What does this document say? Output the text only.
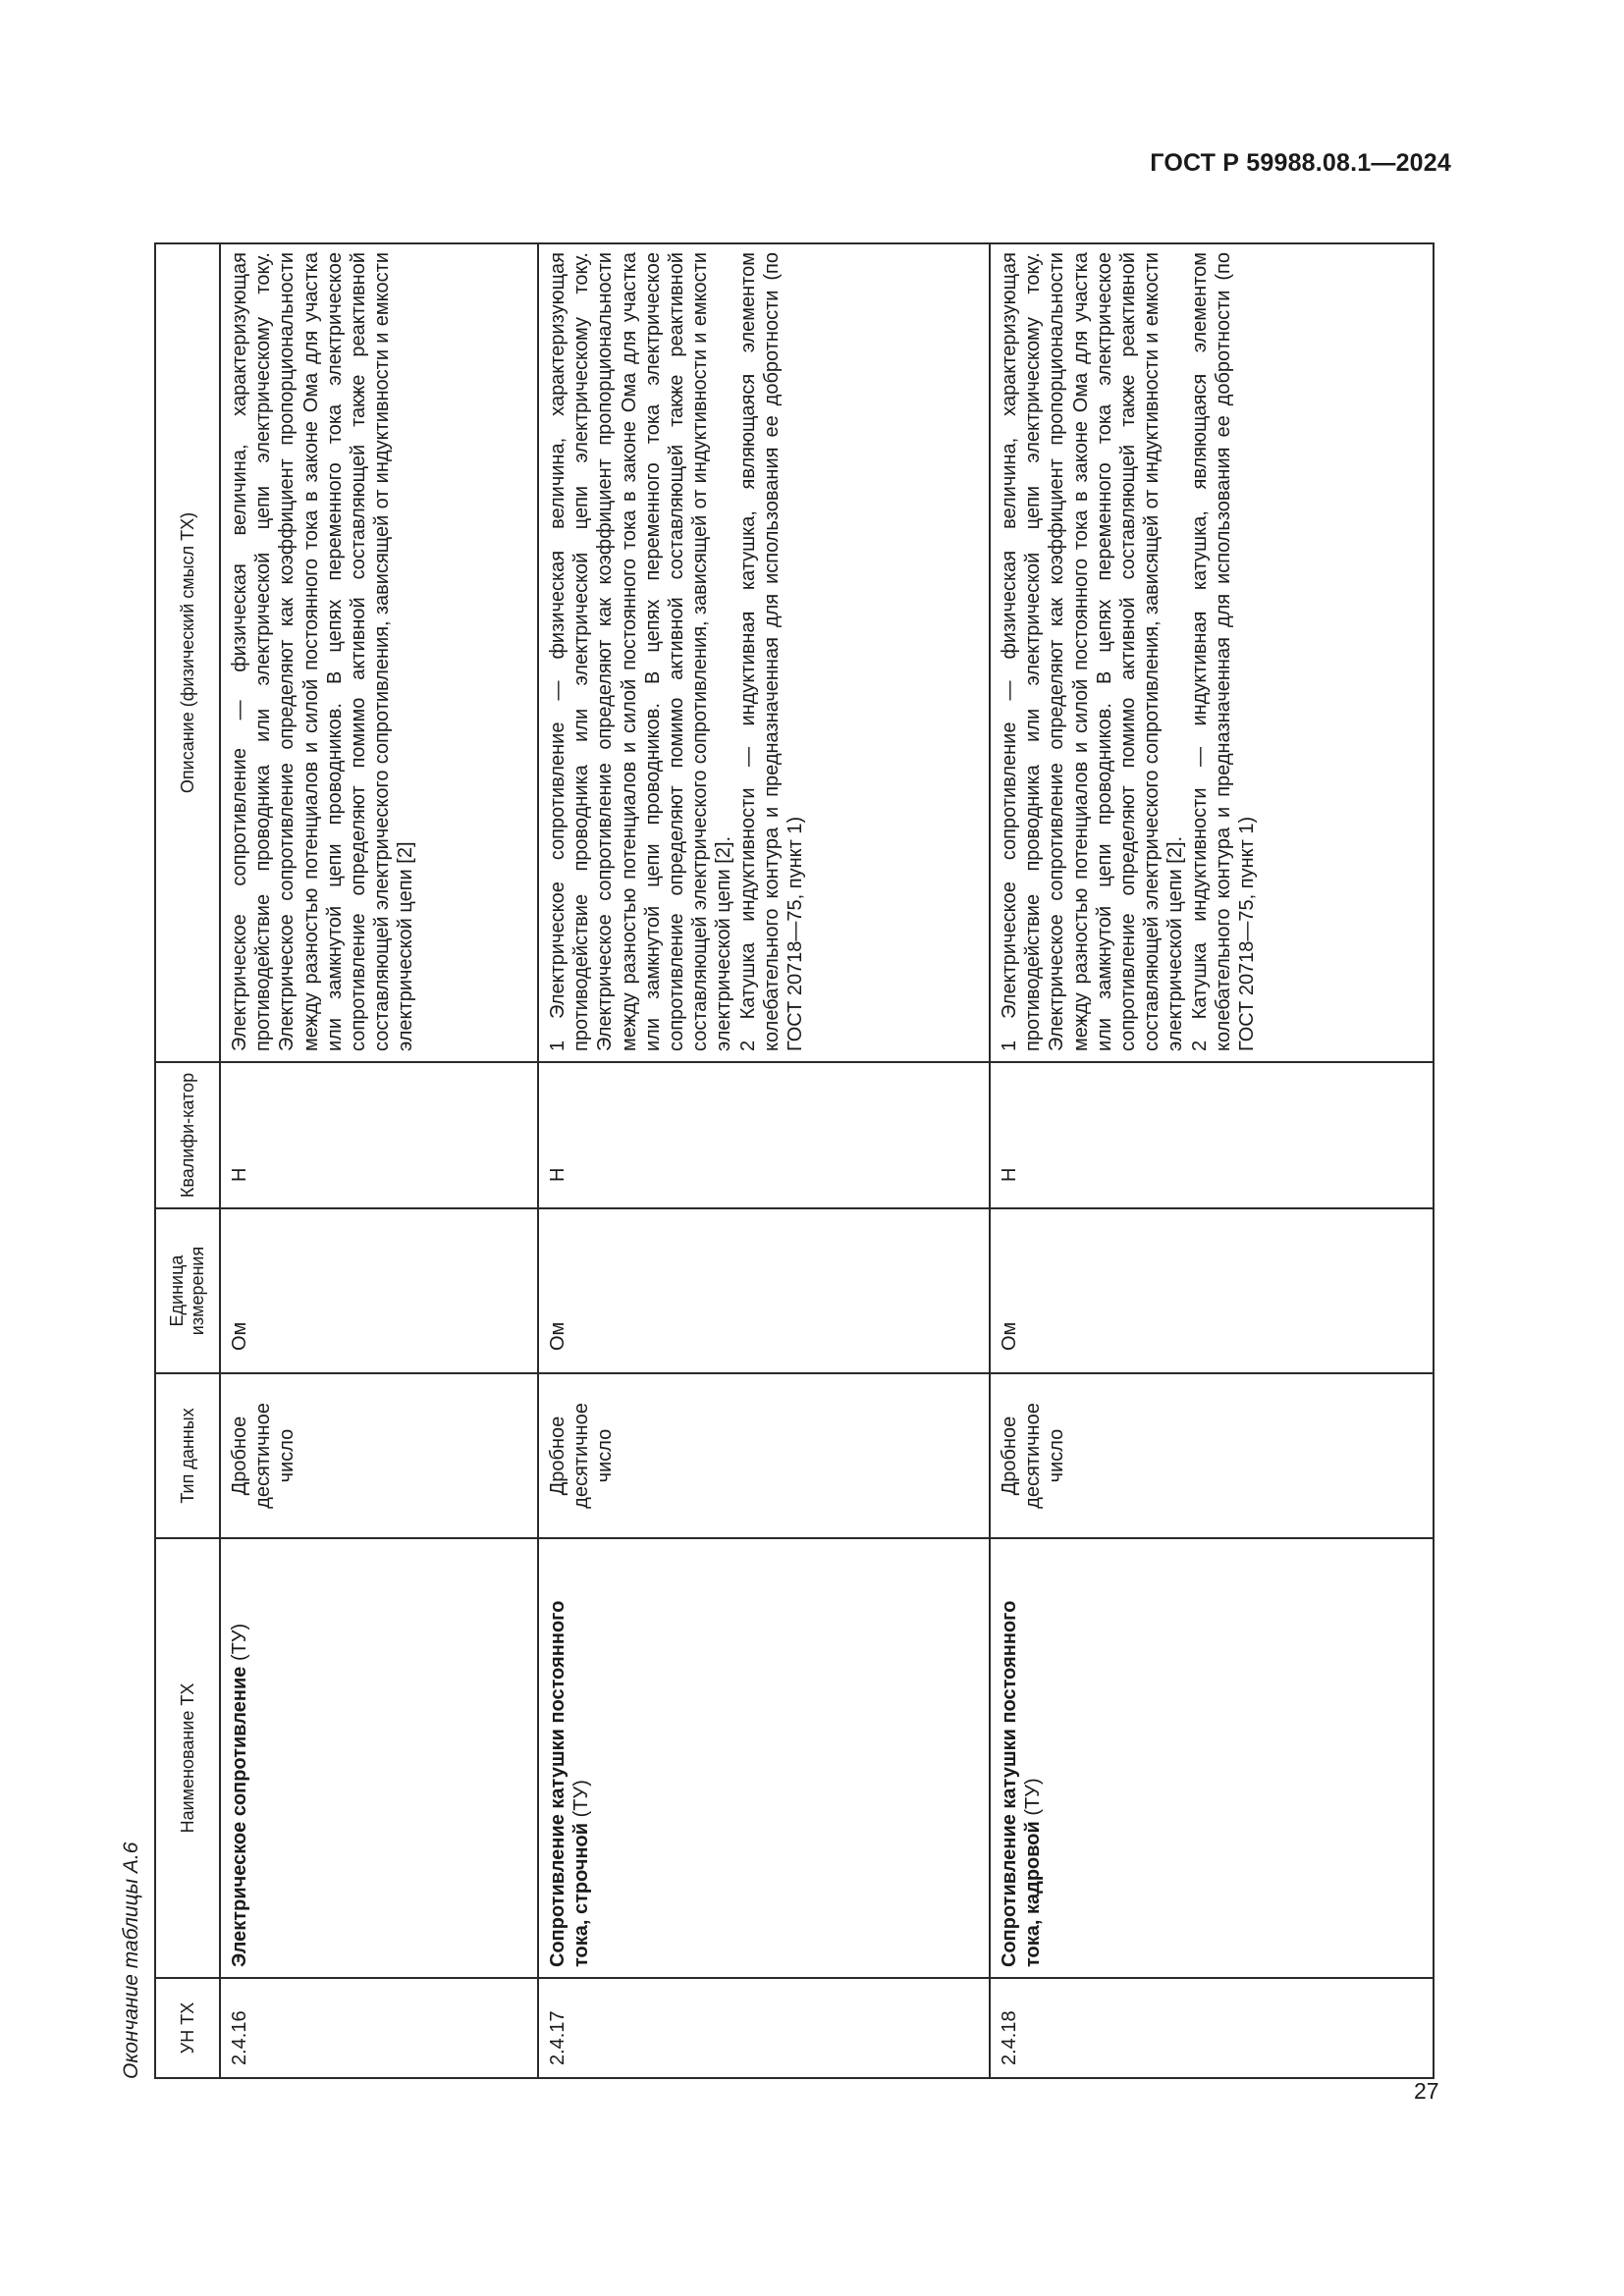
ГОСТ Р 59988.08.1—2024
Окончание таблицы А.6	УН ТХ	Наименование ТХ	Тип данных	Единица измерения	Квалифи-катор	Описание (физический смысл ТХ)
2.4.16	Электрическое сопротивление (ТУ)	Дробное десятичное число	Ом	Н	Электрическое сопротивление — физическая величина, характеризующая противодействие проводника или электрической цепи электрическому току. Электрическое сопротивление определяют как коэффициент пропорциональности между разностью потенциалов и силой постоянного тока в законе Ома для участка или замкнутой цепи проводников. В цепях переменного тока электрическое сопротивление определяют помимо активной составляющей также реактивной составляющей электрического сопротивления, зависящей от индуктивности и емкости электрической цепи [2]

2.4.17	Сопротивление катушки постоянного тока, строчной (ТУ)	Дробное десятичное число	Ом	Н	1 Электрическое сопротивление — физическая величина, характеризующая противодействие проводника или электрической цепи электрическому току. Электрическое сопротивление определяют как коэффициент пропорциональности между разностью потенциалов и силой постоянного тока в законе Ома для участка или замкнутой цепи проводников. В цепях переменного тока электрическое сопротивление определяют помимо активной составляющей также реактивной составляющей электрического сопротивления, зависящей от индуктивности и емкости электрической цепи [2]. 2 Катушка индуктивности — индуктивная катушка, являющаяся элементом колебательного контура и предназначенная для использования ее добротности (по ГОСТ 20718—75, пункт 1)

2.4.18	Сопротивление катушки постоянного тока, кадровой (ТУ)	Дробное десятичное число	Ом	Н	1 Электрическое сопротивление — физическая величина, характеризующая противодействие проводника или электрической цепи электрическому току. Электрическое сопротивление определяют как коэффициент пропорциональности между разностью потенциалов и силой постоянного тока в законе Ома для участка или замкнутой цепи проводников. В цепях переменного тока электрическое сопротивление определяют помимо активной составляющей также реактивной составляющей электрического сопротивления, зависящей от индуктивности и емкости электрической цепи [2]. 2 Катушка индуктивности — индуктивная катушка, являющаяся элементом колебательного контура и предназначенная для использования ее добротности (по ГОСТ 20718—75, пункт 1)
27
